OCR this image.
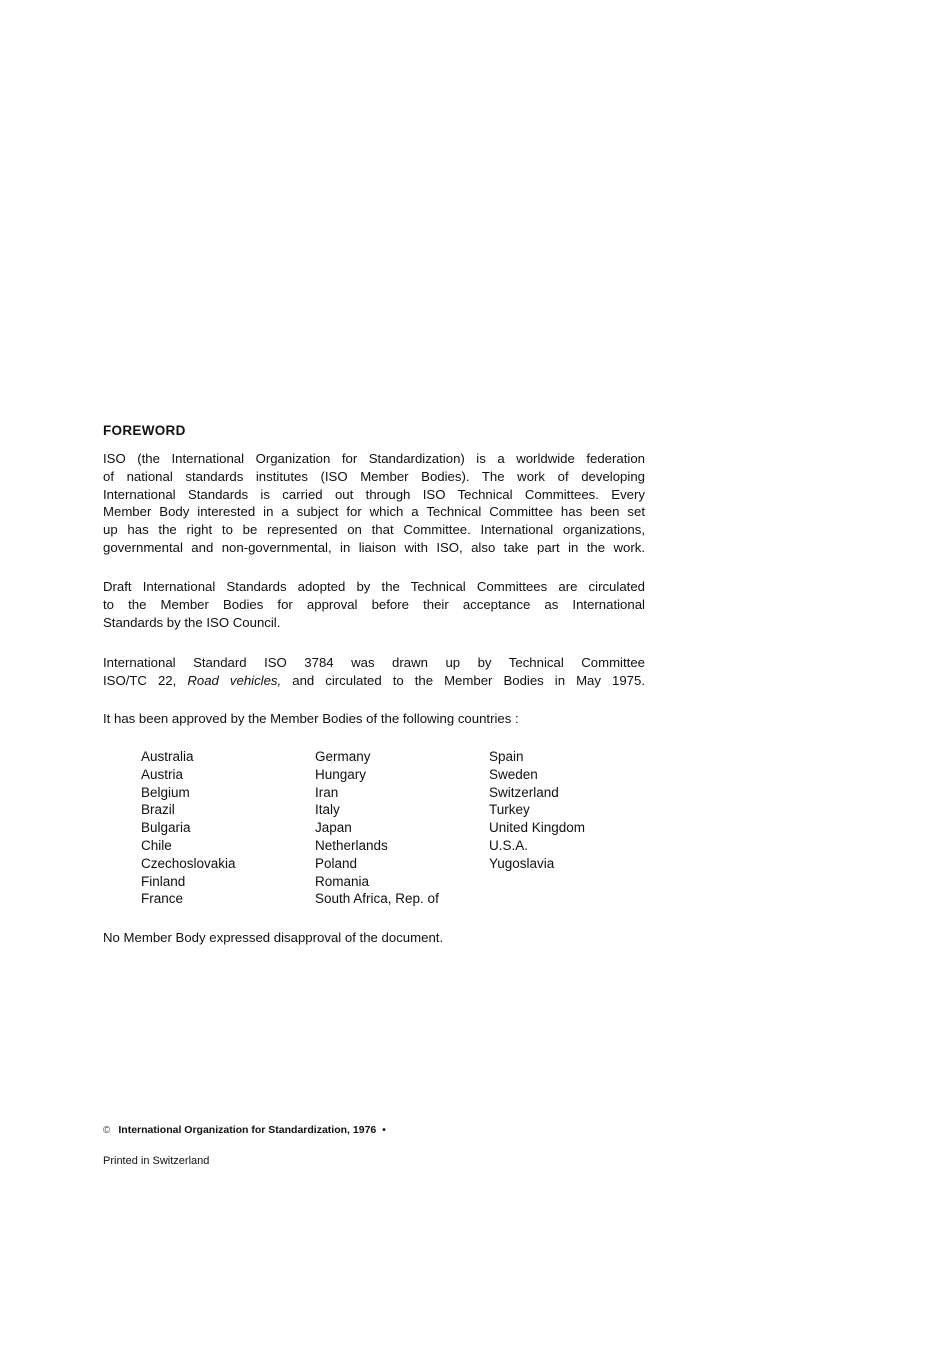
FOREWORD
ISO (the International Organization for Standardization) is a worldwide federation
of national standards institutes (ISO Member Bodies). The work of developing
International Standards is carried out through ISO Technical Committees. Every
Member Body interested in a subject for which a Technical Committee has been set
up has the right to be represented on that Committee. International organizations,
governmental and non-governmental, in liaison with ISO, also take part in the work.
Draft International Standards adopted by the Technical Committees are circulated
to the Member Bodies for approval before their acceptance as International
Standards by the ISO Council.
International Standard ISO 3784 was drawn up by Technical Committee
ISO/TC 22, Road vehicles, and circulated to the Member Bodies in May 1975.
It has been approved by the Member Bodies of the following countries :
Australia
Austria
Belgium
Brazil
Bulgaria
Chile
Czechoslovakia
Finland
France
Germany
Hungary
Iran
Italy
Japan
Netherlands
Poland
Romania
South Africa, Rep. of
Spain
Sweden
Switzerland
Turkey
United Kingdom
U.S.A.
Yugoslavia
No Member Body expressed disapproval of the document.
© International Organization for Standardization, 1976 •
Printed in Switzerland
